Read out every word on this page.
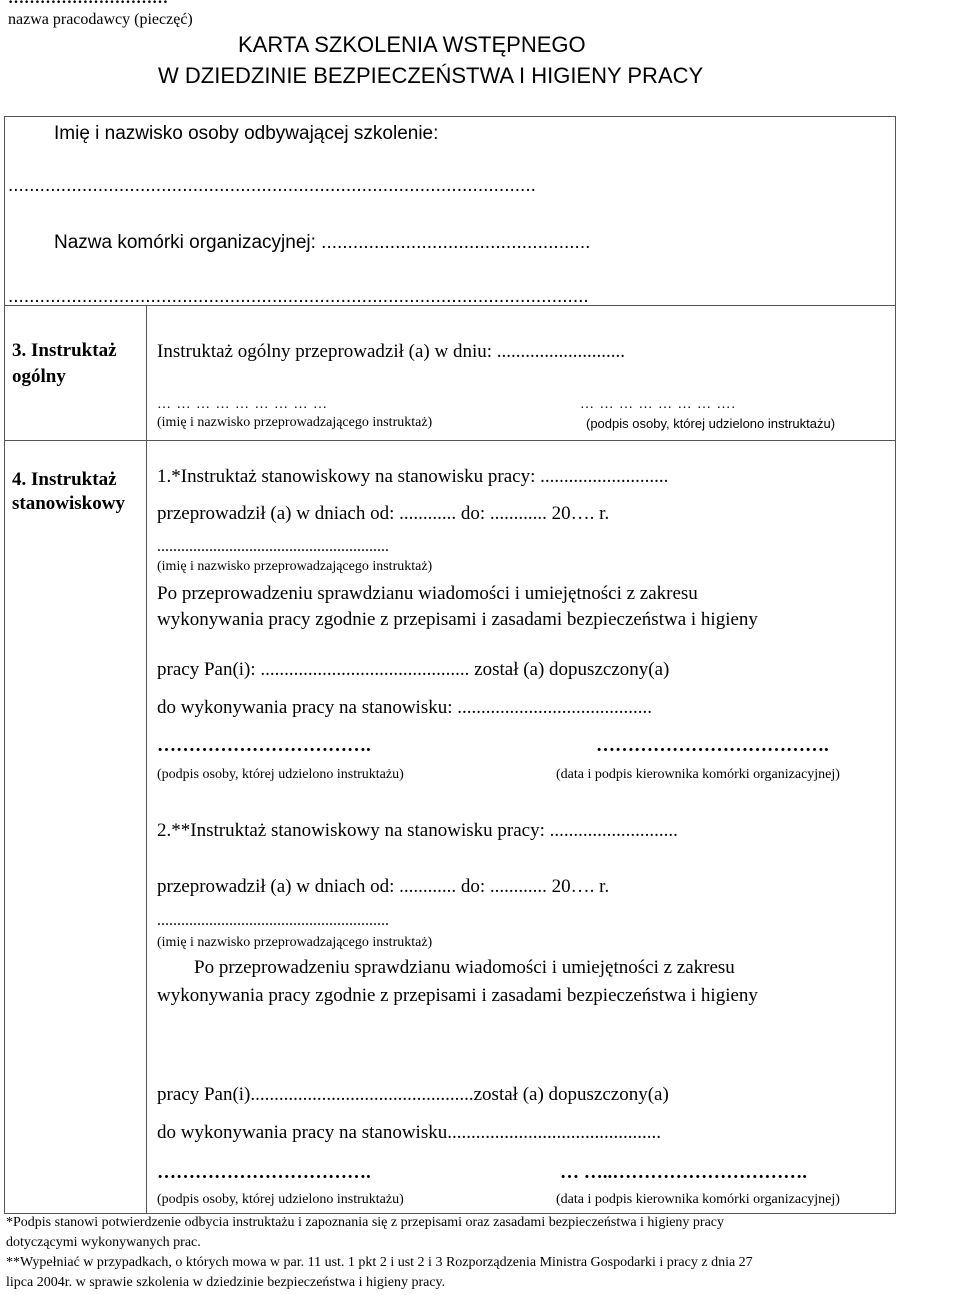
nazwa pracodawcy (pieczęć)
KARTA SZKOLENIA WSTĘPNEGO
W DZIEDZINIE BEZPIECZEŃSTWA I HIGIENY PRACY
Imię i nazwisko osoby odbywającej szkolenie:
....................................................................................................
Nazwa komórki organizacyjnej: ...................................................
..............................................................................................................
3. Instruktaż
ogólny
Instruktaż ogólny przeprowadził (a) w dniu: ...........................
… … … … … … … … …
(imię i nazwisko przeprowadzającego instruktaż)
… … … … … … … ….
(podpis osoby, której udzielono instruktażu)
4. Instruktaż
stanowiskowy
1.*Instruktaż stanowiskowy na stanowisku pracy: ...........................
przeprowadził (a) w dniach od: ............ do: ............ 20…. r.
..........................................................
(imię i nazwisko przeprowadzającego instruktaż)
Po przeprowadzeniu sprawdzianu wiadomości i umiejętności z zakresu
wykonywania pracy zgodnie z przepisami i zasadami bezpieczeństwa i higieny
pracy Pan(i): ............................................ został (a) dopuszczony(a)
do wykonywania pracy na stanowisku: .........................................
…………………………….
(podpis osoby, której udzielono instruktażu)
……………………………….
(data i podpis kierownika komórki organizacyjnej)
2.**Instruktaż stanowiskowy na stanowisku pracy: ...........................
przeprowadził (a) w dniach od: ............ do: ............ 20…. r.
..........................................................
(imię i nazwisko przeprowadzającego instruktaż)
Po przeprowadzeniu sprawdzianu wiadomości i umiejętności z zakresu
wykonywania pracy zgodnie z przepisami i zasadami bezpieczeństwa i higieny
pracy Pan(i)...............................................został (a) dopuszczony(a)
do wykonywania pracy na stanowisku.............................................
…………………………….
(podpis osoby, której udzielono instruktażu)
… …..………………………….
(data i podpis kierownika komórki organizacyjnej)
*Podpis stanowi potwierdzenie odbycia instruktażu i zapoznania się z przepisami oraz zasadami bezpieczeństwa i higieny pracy
dotyczącymi wykonywanych prac.
**Wypełniać w przypadkach, o których mowa w par. 11 ust. 1 pkt 2 i ust 2 i 3 Rozporządzenia Ministra Gospodarki i pracy z dnia 27
lipca 2004r. w sprawie szkolenia w dziedzinie bezpieczeństwa i higieny pracy.
